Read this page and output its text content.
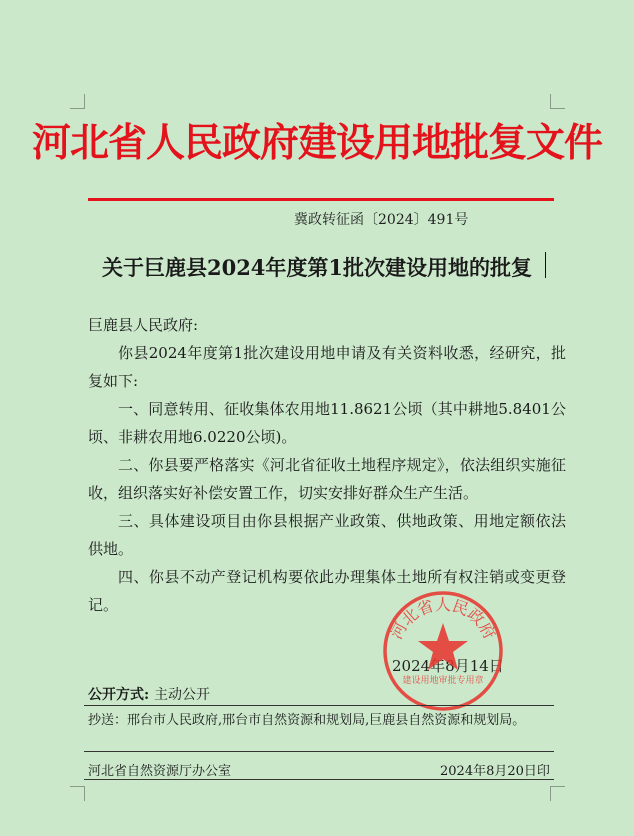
河北省人民政府建设用地批复文件
冀政转征函〔2024〕491号
关于巨鹿县2024年度第1批次建设用地的批复

巨鹿县人民政府:

你县2024年度第1批次建设用地申请及有关资料收悉，经研究，批复如下:

一、同意转用、征收集体农用地11.8621公顷（其中耕地5.8401公顷、非耕农用地6.0220公顷)。

二、你县要严格落实《河北省征收土地程序规定》，依法组织实施征收，组织落实好补偿安置工作，切实安排好群众生产生活。

三、具体建设项目由你县根据产业政策、供地政策、用地定额依法供地。

四、你县不动产登记机构要依此办理集体土地所有权注销或变更登记。

2024年8月14日
河北省人民政府
建设用地审批专用章
公开方式: 主动公开
抄送：邢台市人民政府,邢台市自然资源和规划局,巨鹿县自然资源和规划局。
河北省自然资源厅办公室	2024年8月20日印
